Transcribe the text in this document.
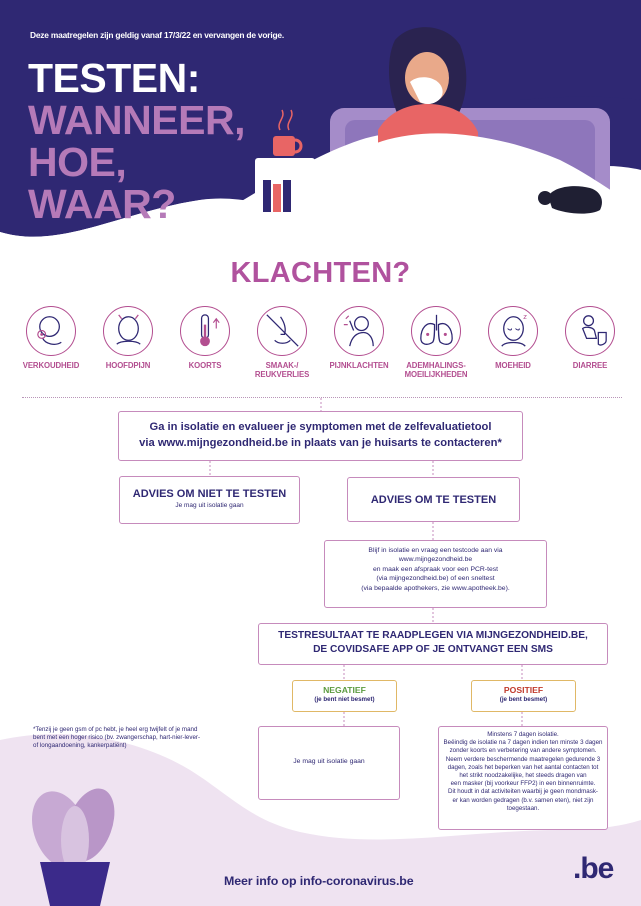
Deze maatregelen zijn geldig vanaf 17/3/22 en vervangen de vorige.
TESTEN:
WANNEER,
HOE,
WAAR?
KLACHTEN?
VERKOUDHEID	HOOFDPIJN	KOORTS	SMAAK-/
REUKVERLIES
PIJNKLACHTEN	ADEMHALINGS-
MOEILIJKHEDEN
z
MOEHEID	DIARREE
Ga in isolatie en evalueer je symptomen met de zelfevaluatietool
via www.mijngezondheid.be in plaats van je huisarts te contacteren*
ADVIES OM NIET TE TESTEN
Je mag uit isolatie gaan	ADVIES OM TE TESTEN
Blijf in isolatie en vraag een testcode aan via
www.mijngezondheid.be
en maak een afspraak voor een PCR-test
(via mijngezondheid.be) of een sneltest
(via bepaalde apothekers, zie www.apotheek.be).
TESTRESULTAAT TE RAADPLEGEN VIA MIJNGEZONDHEID.BE,
DE COVIDSAFE APP OF JE ONTVANGT EEN SMS
NEGATIEF
(je bent niet besmet)
POSITIEF
(je bent besmet)
Je mag uit isolatie gaan
Minstens 7 dagen isolatie.
Beëindig de isolatie na 7 dagen indien ten minste 3 dagen
zonder koorts en verbetering van andere symptomen.
Neem verdere beschermende maatregelen gedurende 3
dagen, zoals het beperken van het aantal contacten tot
het strikt noodzakelijke, het steeds dragen van
een masker (bij voorkeur FFP2) in een binnenruimte.
Dit houdt in dat activiteiten waarbij je geen mondmask-
er kan worden gedragen (b.v. samen eten), niet zijn
toegestaan.
*Tenzij je geen gsm of pc hebt, je heel erg twijfelt of je mand
bent met een hoger risico (bv. zwangerschap, hart-nier-lever-
of longaandoening, kankerpatiënt)
Meer info op info-coronavirus.be	.be
